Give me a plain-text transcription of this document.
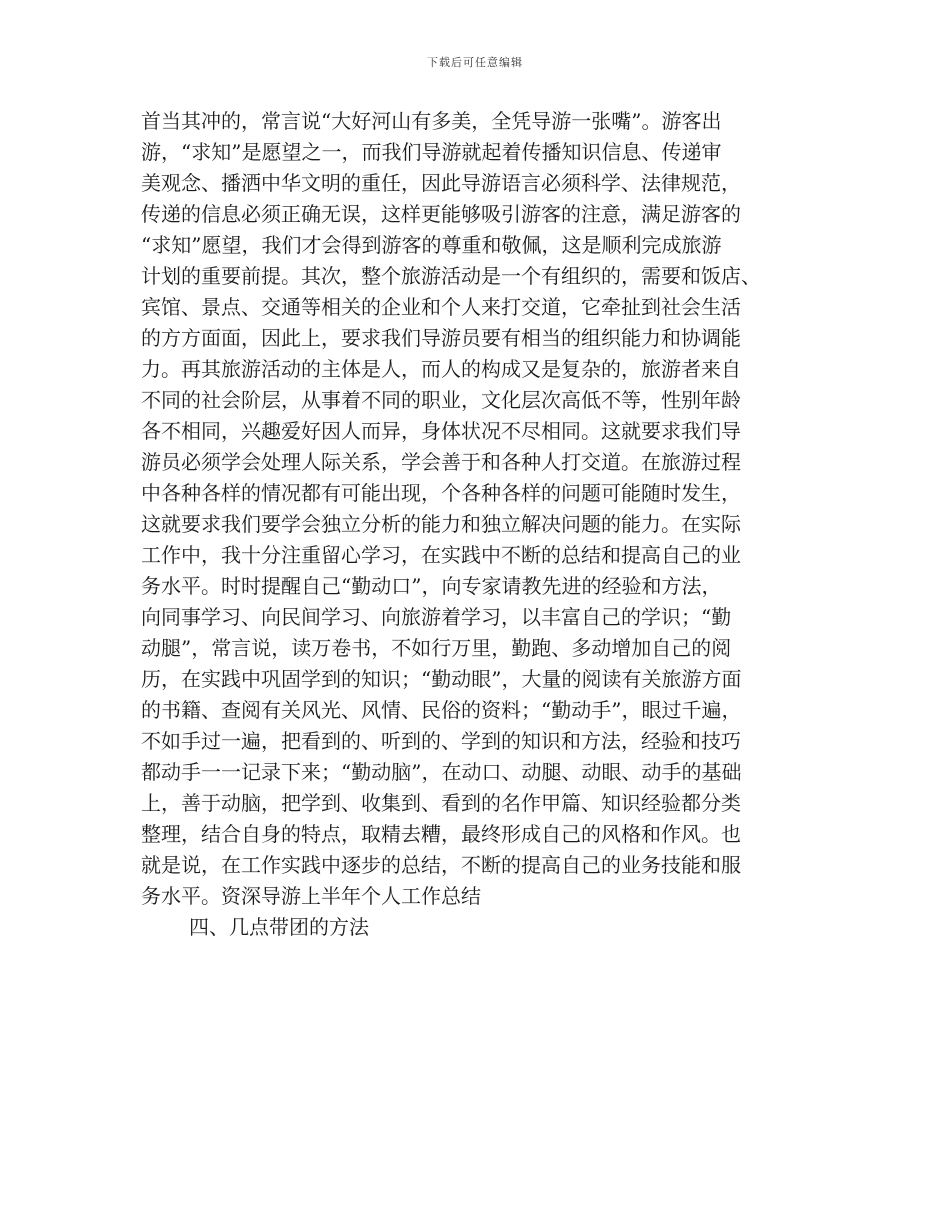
下载后可任意编辑
首当其冲的，常言说“大好河山有多美，全凭导游一张嘴”。游客出
游，“求知”是愿望之一，而我们导游就起着传播知识信息、传递审
美观念、播洒中华文明的重任，因此导游语言必须科学、法律规范，
传递的信息必须正确无误，这样更能够吸引游客的注意，满足游客的
“求知”愿望，我们才会得到游客的尊重和敬佩，这是顺利完成旅游
计划的重要前提。其次，整个旅游活动是一个有组织的，需要和饭店、
宾馆、景点、交通等相关的企业和个人来打交道，它牵扯到社会生活
的方方面面，因此上，要求我们导游员要有相当的组织能力和协调能
力。再其旅游活动的主体是人，而人的构成又是复杂的，旅游者来自
不同的社会阶层，从事着不同的职业，文化层次高低不等，性别年龄
各不相同，兴趣爱好因人而异，身体状况不尽相同。这就要求我们导
游员必须学会处理人际关系，学会善于和各种人打交道。在旅游过程
中各种各样的情况都有可能出现，个各种各样的问题可能随时发生，
这就要求我们要学会独立分析的能力和独立解决问题的能力。在实际
工作中，我十分注重留心学习，在实践中不断的总结和提高自己的业
务水平。时时提醒自己“勤动口”，向专家请教先进的经验和方法，
向同事学习、向民间学习、向旅游着学习，以丰富自己的学识；“勤
动腿”，常言说，读万卷书，不如行万里，勤跑、多动增加自己的阅
历，在实践中巩固学到的知识；“勤动眼”，大量的阅读有关旅游方面
的书籍、查阅有关风光、风情、民俗的资料；“勤动手”，眼过千遍，
不如手过一遍，把看到的、听到的、学到的知识和方法，经验和技巧
都动手一一记录下来；“勤动脑”，在动口、动腿、动眼、动手的基础
上，善于动脑，把学到、收集到、看到的名作甲篇、知识经验都分类
整理，结合自身的特点，取精去糟，最终形成自己的风格和作风。也
就是说，在工作实践中逐步的总结，不断的提高自己的业务技能和服
务水平。资深导游上半年个人工作总结
四、几点带团的方法
